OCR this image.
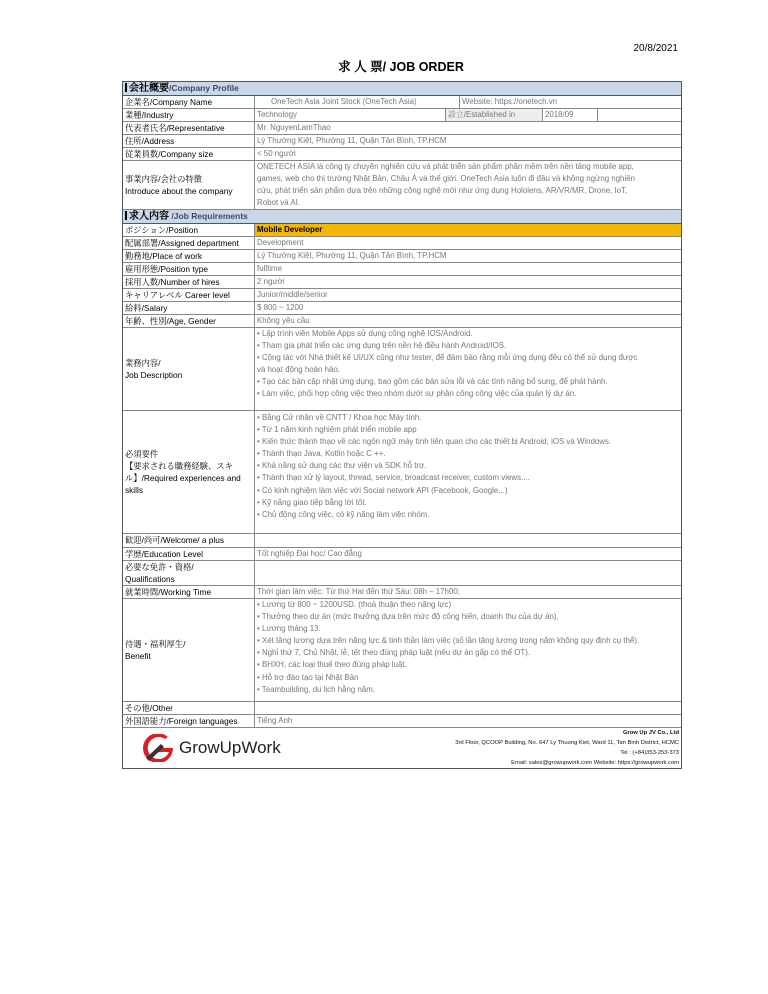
20/8/2021
求 人 票/ JOB ORDER
会社概要/Company Profile
企業名/Company Name	OneTech Asia Joint Stock (OneTech Asia)	Website: https://onetech.vn
業種/Industry	Technology	設立/Established in	2018/09
代表者氏名/Representative	Mr. NguyenLamThao
住所/Address	Lý Thường Kiệt, Phường 11, Quận Tân Bình, TP.HCM
従業員数/Company size	< 50 người
事業内容/会社の特徴
Introduce about the company
ONETECH ASIA là công ty chuyên nghiên cứu và phát triển sản phẩm phần mềm trên nền tảng mobile app,
games, web cho thị trường Nhật Bản, Châu Á và thế giới. OneTech Asia luôn đi đầu và không ngừng nghiên
cứu, phát triển sản phẩm dựa trên những công nghệ mới như ứng dụng Hololens, AR/VR/MR, Drone, IoT,
Robot và AI.
求人内容 /Job Requirements
ポジション/Position	Mobile Developer
配属部署/Assigned department	Development
勤務地/Place of work	Lý Thường Kiệt, Phường 11, Quận Tân Bình, TP.HCM
雇用形態/Position type	fulltime
採用人数/Number of hires	2 người
キャリアレベル Career level	Junior/middle/senior
給料/Salary	$ 800 ~ 1200
年齢、性別/Age, Gender	Không yêu cầu
業務内容/
Job Description
• Lập trình viên Mobile Apps sử dụng công nghệ IOS/Android.
• Tham gia phát triển các ứng dụng trên nền hệ điều hành Android/IOS.
• Cộng tác với Nhà thiết kế UI/UX cũng như tester, để đảm bảo rằng mỗi ứng dụng đều có thể sử dụng được
và hoạt động hoàn hảo.
• Tạo các bản cập nhật ứng dụng, bao gồm các bản sửa lỗi và các tính năng bổ sung, để phát hành.
• Làm việc, phối hợp công việc theo nhóm dưới sự phân công công việc của quản lý dự án.
必須要件
【要求される職務経験、スキル】/Required experiences and skills
• Bằng Cử nhân về CNTT / Khoa học Máy tính.
• Từ 1 năm kinh nghiệm phát triển mobile app
• Kiến thức thành thạo về các ngôn ngữ máy tính liên quan cho các thiết bị Android, iOS và Windows.
• Thành thạo Java, Kotlin hoặc C ++.
• Khả năng sử dụng các thư viện và SDK hỗ trợ.
• Thành thạo xử lý layout, thread, service, broadcast receiver, custom views....
• Có kinh nghiệm làm việc với Social network API (Facebook, Google...)
• Kỹ năng giao tiếp bằng lời tốt.
• Chủ động công việc, có kỹ năng làm việc nhóm.
歓迎/尚可/Welcome/ a plus
学歴/Education Level	Tốt nghiệp Đại học/ Cao đẳng
必要な免許・資格/
Qualifications
就業時間/Working Time	Thời gian làm việc: Từ thứ Hai đến thứ Sáu: 08h – 17h00;
待遇・福利厚生/
Benefit
• Lương từ 800 ~ 1200USD. (thoả thuận theo năng lực)
• Thưởng theo dự án (mức thưởng dựa trên mức độ cống hiến, doanh thu của dự án).
• Lương tháng 13.
• Xét tăng lương dựa trên năng lực & tinh thần làm việc (số lần tăng lương trong năm không quy định cụ thể).
• Nghỉ thứ 7, Chủ Nhật, lễ, tết theo đúng pháp luật (nếu dự án gấp có thể OT).
• BHXH, các loại thuế theo đúng pháp luật.
• Hỗ trợ đào tạo tại Nhật Bản
• Teambuilding, du lịch hằng năm.
その他/Other
外国語能力/Foreign languages	Tiếng Anh
GrowUpWork
Grow Up JV Co., Ltd
3rd Floor, QCOOP Building, No. 647 Ly Thuong Kiet, Ward 11, Tan Binh District, HCMC
Tel : (+84)353-253-373
Email: sales@growupwork.com Website: https://growupwork.com
